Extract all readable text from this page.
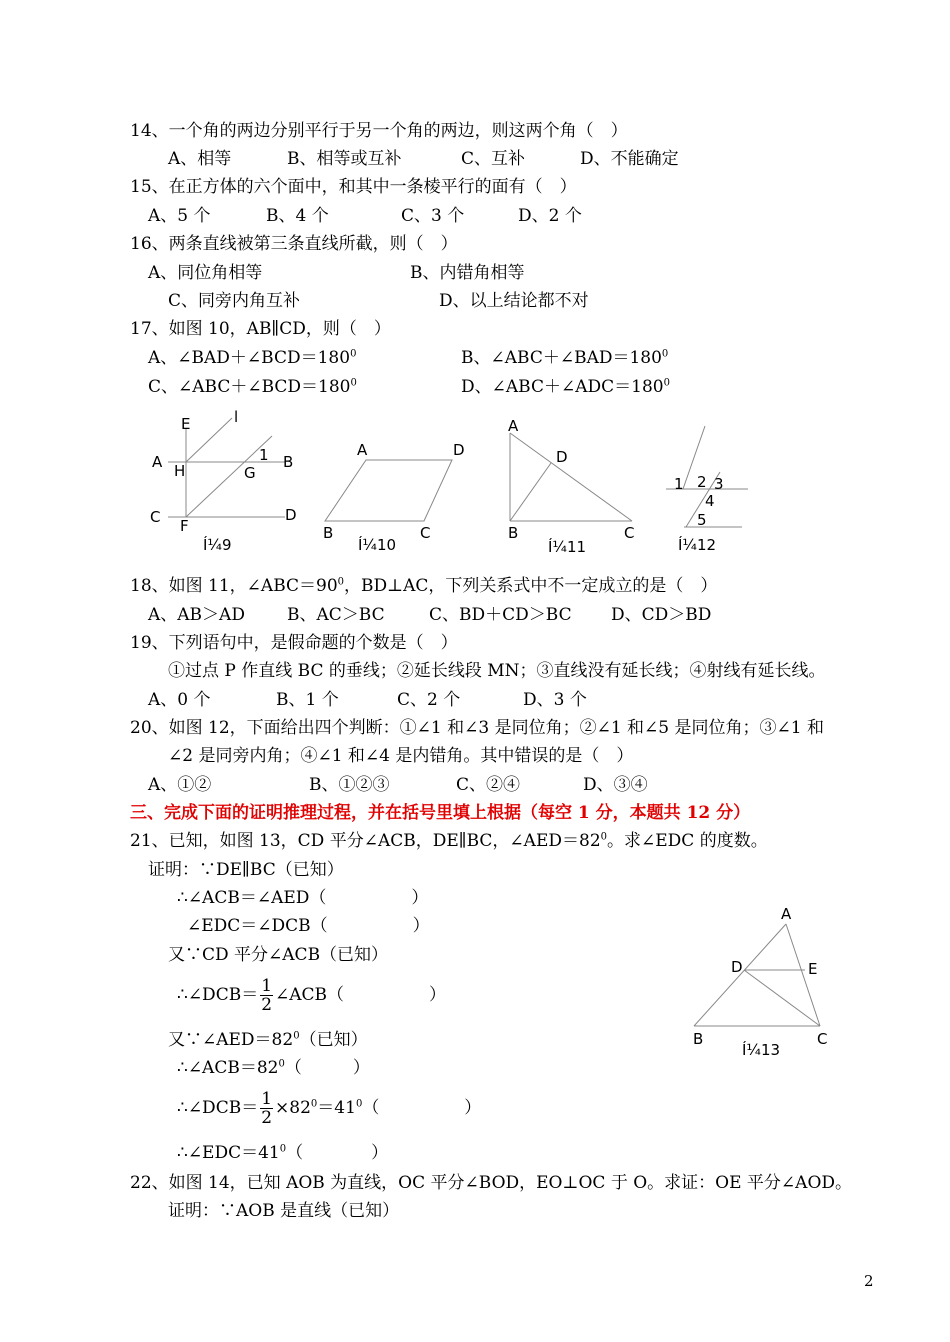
14、一个角的两边分别平行于另一个角的两边，则这两个角（　）
A、相等	B、相等或互补	C、互补	D、不能确定
15、在正方体的六个面中，和其中一条棱平行的面有（　）
A、5 个	B、4 个	C、3 个	D、2 个
16、两条直线被第三条直线所截，则（　）
A、同位角相等	B、内错角相等
C、同旁内角互补	D、以上结论都不对
17、如图 10，AB∥CD，则（　）
A、$\angle BAD+\angle BCD=180^0$	B、$\angle ABC+\angle BAD=180^0$
C、$\angle ABC+\angle BCD=180^0$	D、$\angle ABC+\angle ADC=180^0$
E	l
A H
1 B
G
C F
D
Í¼9
A	D
B	C
Í¼10
A
D
B	C
Í¼11
1 2 3
4
5
Í¼12
18、如图 11，$\angle ABC=90^0$，BD⊥AC，下列关系式中不一定成立的是（　）
A、AB＞AD B、AC＞BC	C、BD＋CD＞BC D、CD＞BD
19、下列语句中，是假命题的个数是（　）
①过点 P 作直线 BC 的垂线；②延长线段 MN；③直线没有延长线；④射线有延长线。
A、0 个	B、1 个	C、2 个	D、3 个
20、如图 12，下面给出四个判断：①∠1 和∠3 是同位角；②∠1 和∠5 是同位角；③∠1 和
∠2 是同旁内角；④∠1 和∠4 是内错角。其中错误的是（　）
A、①②	B、①②③	C、②④	D、③④
三、完成下面的证明推理过程，并在括号里填上根据（每空 1 分，本题共 12 分）
21、已知，如图 13，CD 平分∠ACB，DE∥BC，$\angle AED=82^0$。求∠EDC 的度数。
证明：∵DE∥BC（已知）
∴∠ACB＝∠AED（　　　　　）
∠EDC＝∠DCB（　　　　　）
又∵CD 平分∠ACB（已知）
∴∠DCB＝ $\frac{1}{2}$ ∠ACB（　　　　　）
又$\because\angle AED=82^0$（已知）
$\therefore\angle ACB=82^0$（　　　）
∴∠DCB＝ $\frac{1}{2} \times 82^0=41^0$（　　　　　）
$\therefore\angle EDC=41^0$（　　　　）
A
D	E
B	C
Í¼13
22、如图 14，已知 AOB 为直线，OC 平分∠BOD，EO⊥OC 于 O。求证：OE 平分∠AOD。
证明：∵AOB 是直线（已知）
2
